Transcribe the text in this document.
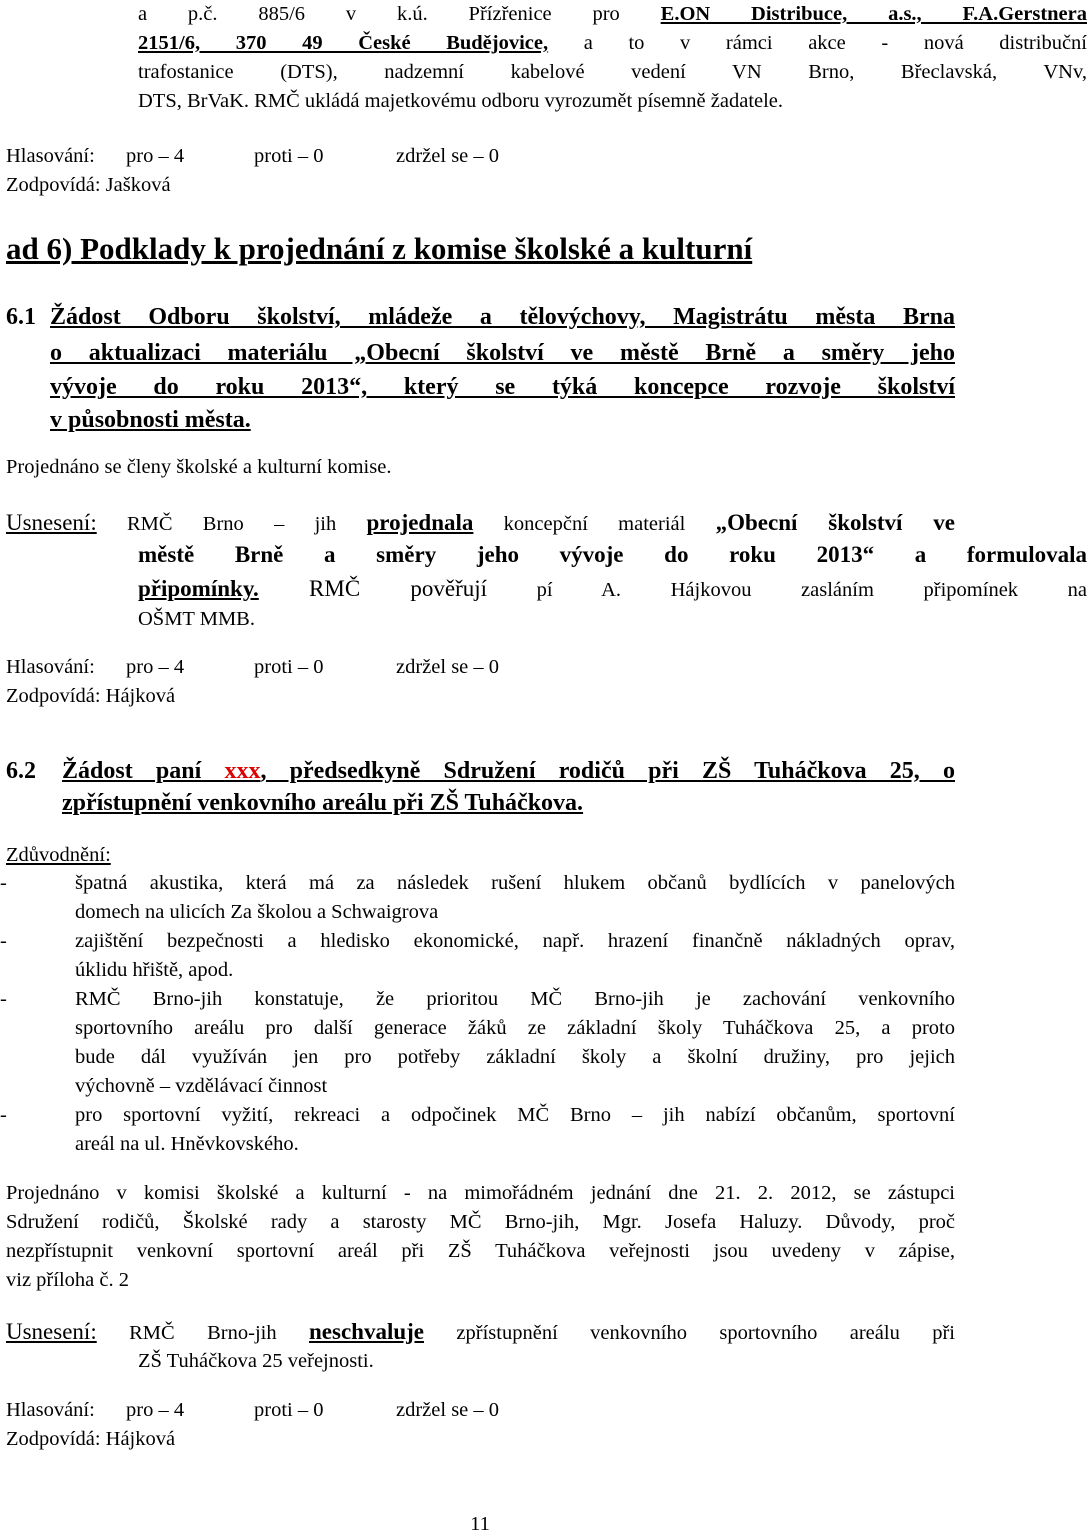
a p.č. 885/6 v k.ú. Přízřenice pro E.ON Distribuce, a.s., F.A.Gerstnera
2151/6, 370 49 České Budějovice, a to v rámci akce - nová distribuční
trafostanice (DTS), nadzemní kabelové vedení VN Brno, Břeclavská, VNv,
DTS, BrVaK. RMČ ukládá majetkovému odboru vyrozumět písemně žadatele.
Hlasování: pro – 4	proti – 0	zdržel se – 0
Zodpovídá: Jašková
ad 6) Podklady k projednání z komise školské a kulturní
6.1 Žádost Odboru školství, mládeže a tělovýchovy, Magistrátu města Brna
o aktualizaci materiálu „Obecní školství ve městě Brně a směry jeho
vývoje do roku 2013“, který se týká koncepce rozvoje školství
v působnosti města.
Projednáno se členy školské a kulturní komise.
Usnesení: RMČ Brno – jih projednala koncepční materiál „Obecní školství ve
městě Brně a směry jeho vývoje do roku 2013“ a formulovala
připomínky. RMČ pověřují pí A. Hájkovou zasláním připomínek na
OŠMT MMB.
Hlasování: pro – 4	proti – 0	zdržel se – 0
Zodpovídá: Hájková
6.2	Žádost paní xxx, předsedkyně Sdružení rodičů při ZŠ Tuháčkova 25, o
zpřístupnění venkovního areálu při ZŠ Tuháčkova.
Zdůvodnění:
-	špatná akustika, která má za následek rušení hlukem občanů bydlících v panelových
domech na ulicích Za školou a Schwaigrova
-	zajištění bezpečnosti a hledisko ekonomické, např. hrazení finančně nákladných oprav,
úklidu hřiště, apod.
-	RMČ Brno-jih konstatuje, že prioritou MČ Brno-jih je zachování venkovního
sportovního areálu pro další generace žáků ze základní školy Tuháčkova 25, a proto
bude dál využíván jen pro potřeby základní školy a školní družiny, pro jejich
výchovně – vzdělávací činnost
-	pro sportovní vyžití, rekreaci a odpočinek MČ Brno – jih nabízí občanům, sportovní
areál na ul. Hněvkovského.
Projednáno v komisi školské a kulturní - na mimořádném jednání dne 21. 2. 2012, se zástupci
Sdružení rodičů, Školské rady a starosty MČ Brno-jih, Mgr. Josefa Haluzy. Důvody, proč
nezpřístupnit venkovní sportovní areál při ZŠ Tuháčkova veřejnosti jsou uvedeny v zápise,
viz příloha č. 2
Usnesení: RMČ Brno-jih neschvaluje zpřístupnění venkovního sportovního areálu při
ZŠ Tuháčkova 25 veřejnosti.
Hlasování: pro – 4	proti – 0	zdržel se – 0
Zodpovídá: Hájková
11
